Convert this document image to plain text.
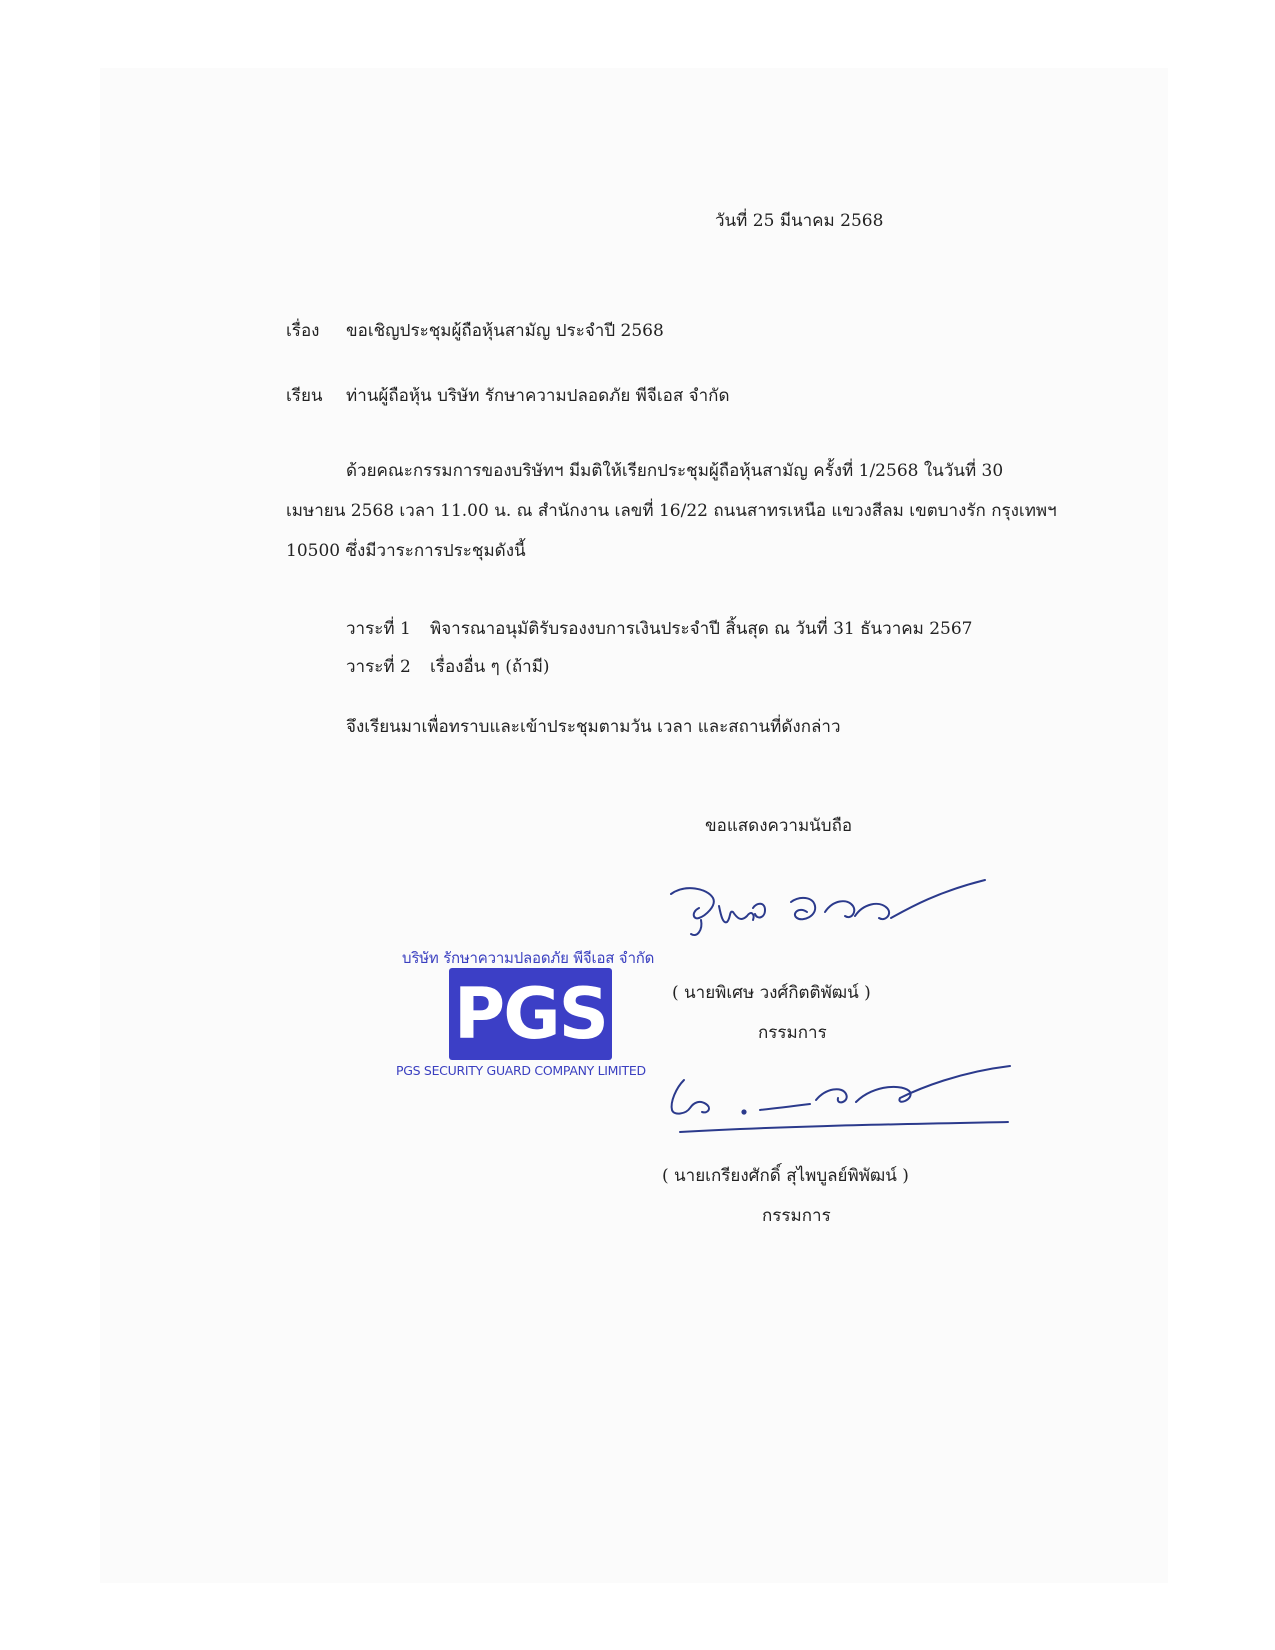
วันที่ 25 มีนาคม 2568
เรื่อง ขอเชิญประชุมผู้ถือหุ้นสามัญ ประจำปี 2568
เรียน ท่านผู้ถือหุ้น บริษัท รักษาความปลอดภัย พีจีเอส จำกัด
ด้วยคณะกรรมการของบริษัทฯ มีมติให้เรียกประชุมผู้ถือหุ้นสามัญ ครั้งที่ 1/2568 ในวันที่ 30
เมษายน 2568 เวลา 11.00 น. ณ สำนักงาน เลขที่ 16/22 ถนนสาทรเหนือ แขวงสีลม เขตบางรัก กรุงเทพฯ
10500 ซึ่งมีวาระการประชุมดังนี้
วาระที่ 1 พิจารณาอนุมัติรับรองงบการเงินประจำปี สิ้นสุด ณ วันที่ 31 ธันวาคม 2567
วาระที่ 2 เรื่องอื่น ๆ (ถ้ามี)
จึงเรียนมาเพื่อทราบและเข้าประชุมตามวัน เวลา และสถานที่ดังกล่าว
ขอแสดงความนับถือ
บริษัท รักษาความปลอดภัย พีจีเอส จำกัด
PGS
PGS SECURITY GUARD COMPANY LIMITED
( นายพิเศษ วงศ์กิตติพัฒน์ )
กรรมการ
( นายเกรียงศักดิ์ สุไพบูลย์พิพัฒน์ )
กรรมการ
